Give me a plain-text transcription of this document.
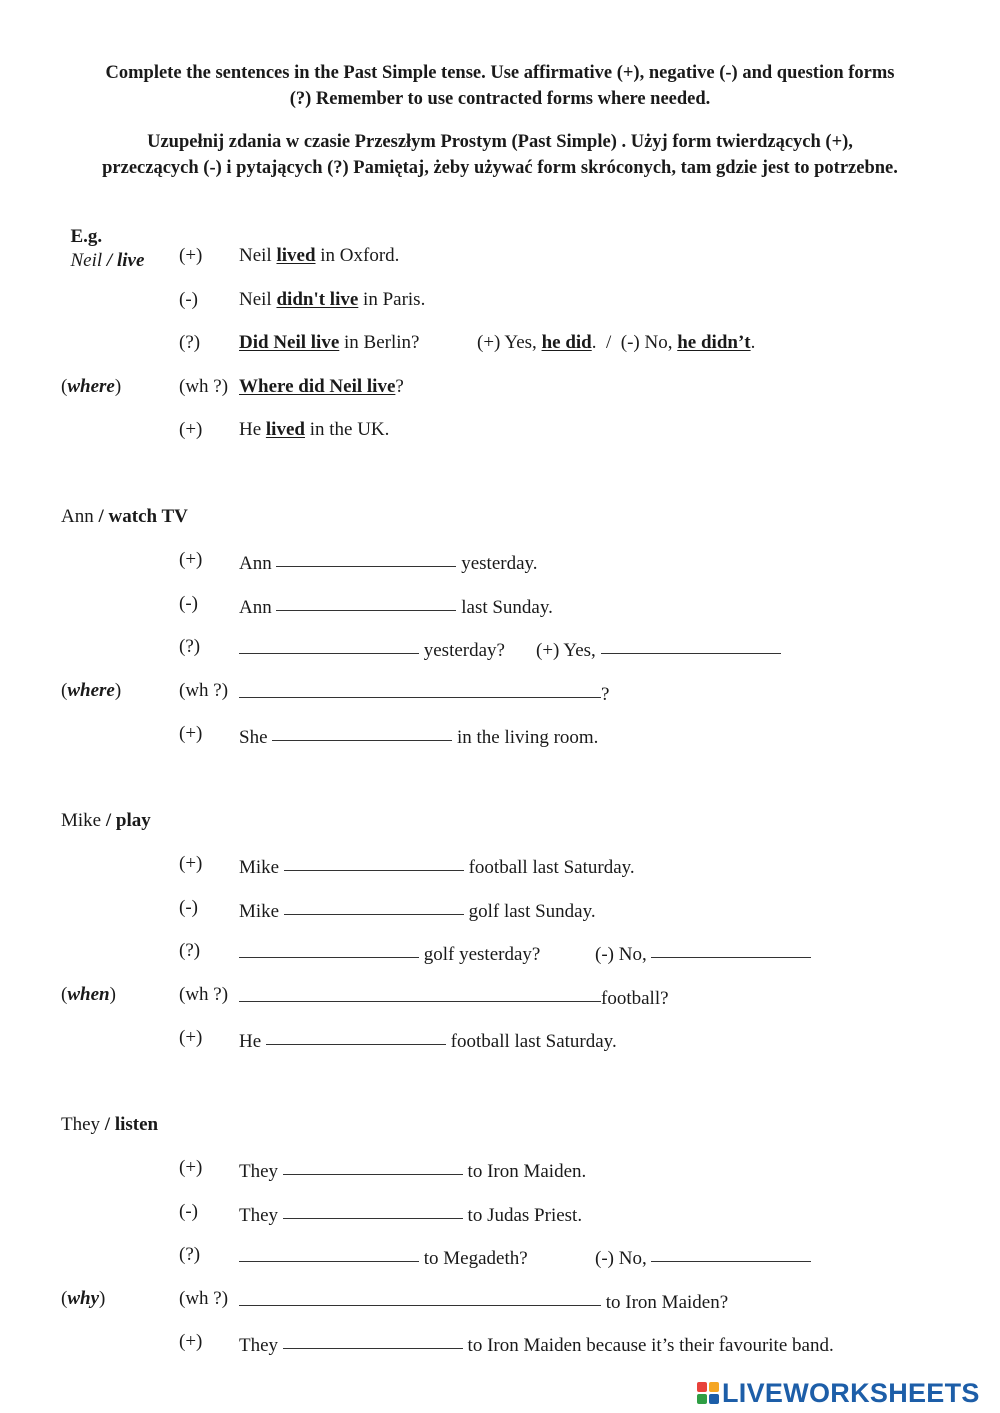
Complete the sentences in the Past Simple tense. Use affirmative (+), negative (-) and question forms
(?) Remember to use contracted forms where needed.
Uzupełnij zdania w czasie Przeszłym Prostym (Past Simple) . Użyj form twierdzących (+),
przeczących (-) i pytających (?) Pamiętaj, żeby używać form skróconych, tam gdzie jest to potrzebne.

E.g.
Neil / live (+) Neil lived in Oxford.
(-) Neil didn't live in Paris.
(?) Did Neil live in Berlin?	(+) Yes, he did.  /  (-) No, he didn’t.
(where)	(wh ?) Where did Neil live?
(+) He lived in the UK.
Ann / watch TV
(+) Ann	yesterday.
(-) Ann	last Sunday.
(?)	yesterday? (+) Yes,
(where)	(wh ?)	?
(+) She	in the living room.
Mike / play
(+) Mike	football last Saturday.
(-) Mike	golf last Sunday.
(?)	golf yesterday?	(-) No,
(when)	(wh ?)	football?
(+) He	football last Saturday.
They / listen
(+) They	to Iron Maiden.
(-) They	to Judas Priest.
(?)	to Megadeth?	(-) No,
(why)	(wh ?)	to Iron Maiden?
(+) They	to Iron Maiden because it’s their favourite band.
LIVEWORKSHEETS
